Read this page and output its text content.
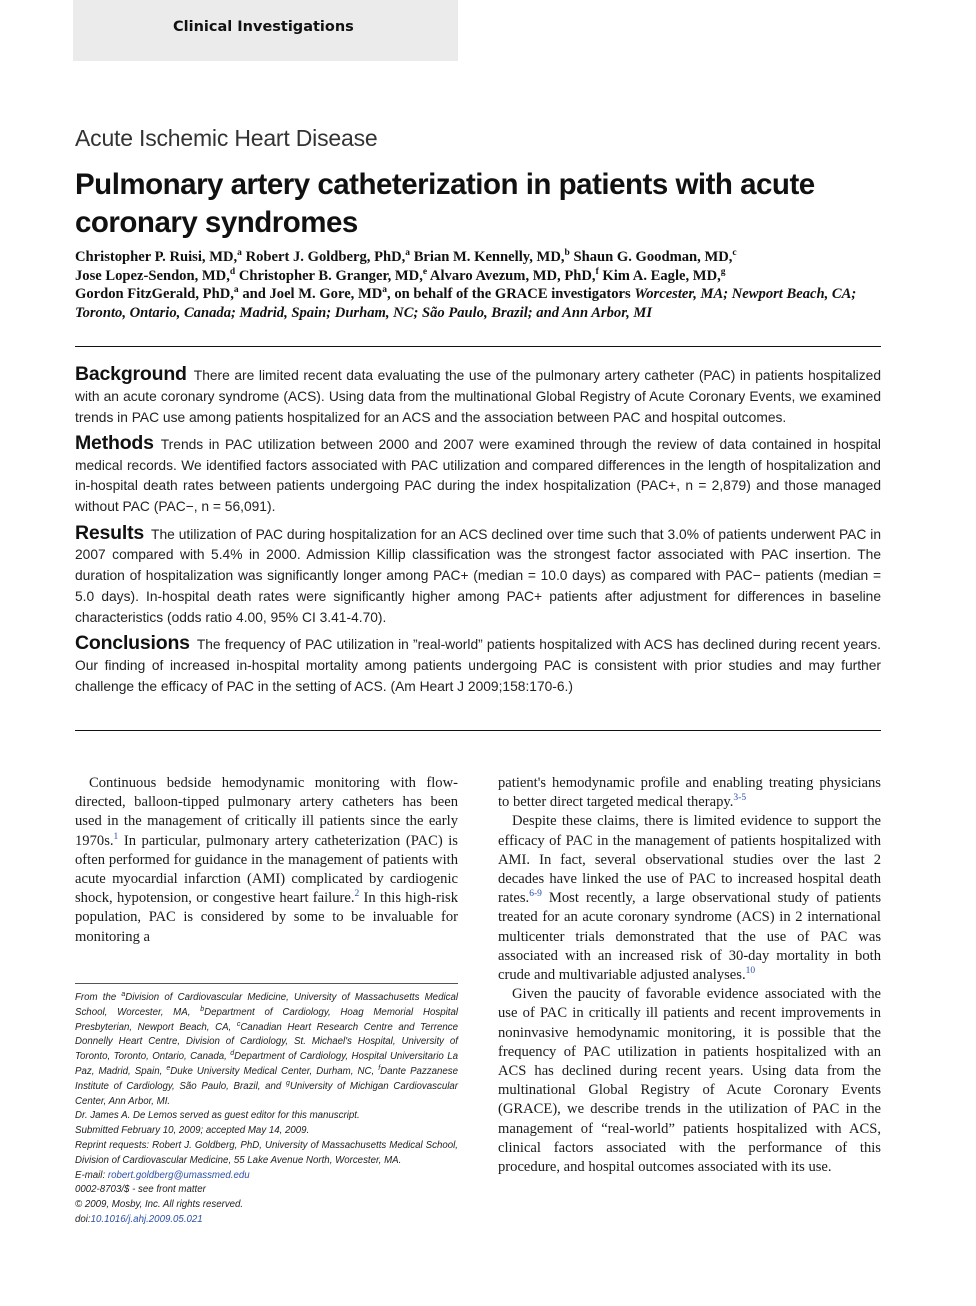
Clinical Investigations
Acute Ischemic Heart Disease
Pulmonary artery catheterization in patients with acute coronary syndromes
Christopher P. Ruisi, MD,$^a$ Robert J. Goldberg, PhD,$^a$ Brian M. Kennelly, MD,$^b$ Shaun G. Goodman, MD,$^c$
Jose Lopez-Sendon, MD,$^d$ Christopher B. Granger, MD,$^e$ Alvaro Avezum, MD, PhD,$^f$ Kim A. Eagle, MD,$^g$
Gordon FitzGerald, PhD,$^a$ and Joel M. Gore, $MD^a$, on behalf of the GRACE investigators Worcester, MA; Newport Beach, CA; Toronto, Ontario, Canada; Madrid, Spain; Durham, NC; São Paulo, Brazil; and Ann Arbor, MI

Background There are limited recent data evaluating the use of the pulmonary artery catheter (PAC) in patients hospitalized with an acute coronary syndrome (ACS). Using data from the multinational Global Registry of Acute Coronary Events, we examined trends in PAC use among patients hospitalized for an ACS and the association between PAC and hospital outcomes.

Methods Trends in PAC utilization between 2000 and 2007 were examined through the review of data contained in hospital medical records. We identified factors associated with PAC utilization and compared differences in the length of hospitalization and in-hospital death rates between patients undergoing PAC during the index hospitalization (PAC+, n = 2,879) and those managed without PAC (PAC−, n = 56,091).

Results The utilization of PAC during hospitalization for an ACS declined over time such that 3.0% of patients underwent PAC in 2007 compared with 5.4% in 2000. Admission Killip classification was the strongest factor associated with PAC insertion. The duration of hospitalization was significantly longer among PAC+ (median = 10.0 days) as compared with PAC− patients (median = 5.0 days). In-hospital death rates were significantly higher among PAC+ patients after adjustment for differences in baseline characteristics (odds ratio 4.00, 95% CI 3.41-4.70).

Conclusions The frequency of PAC utilization in ”real-world” patients hospitalized with ACS has declined during recent years. Our finding of increased in-hospital mortality among patients undergoing PAC is consistent with prior studies and may further challenge the efficacy of PAC in the setting of ACS. (Am Heart J 2009;158:170-6.)

Continuous bedside hemodynamic monitoring with flow-directed, balloon-tipped pulmonary artery catheters has been used in the management of critically ill patients since the early 1970s.$^1$ In particular, pulmonary artery catheterization (PAC) is often performed for guidance in the management of patients with acute myocardial infarction (AMI) complicated by cardiogenic shock, hypotension, or congestive heart failure.$^2$ In this high-risk population, PAC is considered by some to be invaluable for monitoring a

From the $^a$Division of Cardiovascular Medicine, University of Massachusetts Medical School, Worcester, MA, $^b$Department of Cardiology, Hoag Memorial Hospital Presbyterian, Newport Beach, CA, $^c$Canadian Heart Research Centre and Terrence Donnelly Heart Centre, Division of Cardiology, St. Michael's Hospital, University of Toronto, Toronto, Ontario, Canada, $^d$Department of Cardiology, Hospital Universitario La Paz, Madrid, Spain, $^e$Duke University Medical Center, Durham, NC, $^f$Dante Pazzanese Institute of Cardiology, São Paulo, Brazil, and $^g$University of Michigan Cardiovascular Center, Ann Arbor, MI.

Dr. James A. De Lemos served as guest editor for this manuscript.

Submitted February 10, 2009; accepted May 14, 2009.

Reprint requests: Robert J. Goldberg, PhD, University of Massachusetts Medical School, Division of Cardiovascular Medicine, 55 Lake Avenue North, Worcester, MA.

E-mail: robert.goldberg@umassmed.edu

0002-8703/$ - see front matter

© 2009, Mosby, Inc. All rights reserved.

doi:10.1016/j.ahj.2009.05.021

patient's hemodynamic profile and enabling treating physicians to better direct targeted medical therapy.$^{3-5}$

Despite these claims, there is limited evidence to support the efficacy of PAC in the management of patients hospitalized with AMI. In fact, several observational studies over the last 2 decades have linked the use of PAC to increased hospital death rates.$^{6-9}$ Most recently, a large observational study of patients treated for an acute coronary syndrome (ACS) in 2 international multicenter trials demonstrated that the use of PAC was associated with an increased risk of 30-day mortality in both crude and multivariable adjusted analyses.$^{10}$

Given the paucity of favorable evidence associated with the use of PAC in critically ill patients and recent improvements in noninvasive hemodynamic monitoring, it is possible that the frequency of PAC utilization in patients hospitalized with an ACS has declined during recent years. Using data from the multinational Global Registry of Acute Coronary Events (GRACE), we describe trends in the utilization of PAC in the management of “real-world” patients hospitalized with ACS, clinical factors associated with the performance of this procedure, and hospital outcomes associated with its use.
